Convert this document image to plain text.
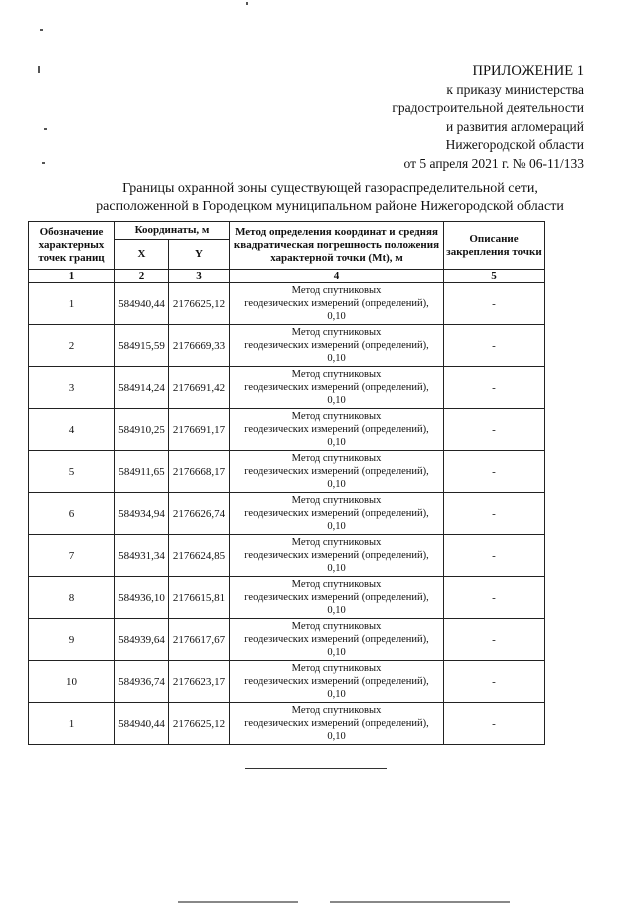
ПРИЛОЖЕНИЕ 1
к приказу министерства
градостроительной деятельности
и развития агломераций
Нижегородской области
от 5 апреля 2021 г. № 06-11/133
Границы охранной зоны существующей газораспределительной сети,
расположенной в Городецком муниципальном районе Нижегородской области
Обозначение характерных точек границ	Координаты, м		Метод определения координат и средняя квадратическая погрешность положения характерной точки (Mt), м	Описание закрепления точки
	X	Y		
1	2	3	4	5
1	584940,44	2176625,12	Метод спутниковых
геодезических измерений (определений),
0,10	-
2	584915,59	2176669,33	Метод спутниковых
геодезических измерений (определений),
0,10	-
3	584914,24	2176691,42	Метод спутниковых
геодезических измерений (определений),
0,10	-
4	584910,25	2176691,17	Метод спутниковых
геодезических измерений (определений),
0,10	-
5	584911,65	2176668,17	Метод спутниковых
геодезических измерений (определений),
0,10	-
6	584934,94	2176626,74	Метод спутниковых
геодезических измерений (определений),
0,10	-
7	584931,34	2176624,85	Метод спутниковых
геодезических измерений (определений),
0,10	-
8	584936,10	2176615,81	Метод спутниковых
геодезических измерений (определений),
0,10	-
9	584939,64	2176617,67	Метод спутниковых
геодезических измерений (определений),
0,10	-
10	584936,74	2176623,17	Метод спутниковых
геодезических измерений (определений),
0,10	-
1	584940,44	2176625,12	Метод спутниковых
геодезических измерений (определений),
0,10	-
